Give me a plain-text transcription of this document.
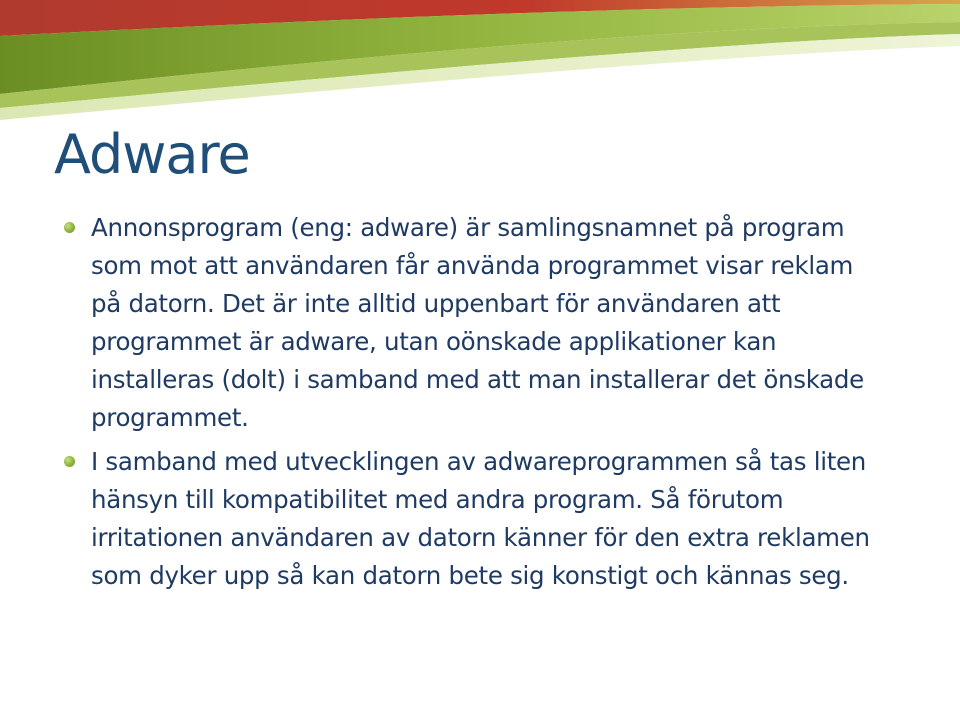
Adware
Annonsprogram (eng: adware) är samlingsnamnet på program som mot att användaren får använda programmet visar reklam på datorn. Det är inte alltid uppenbart för användaren att programmet är adware, utan oönskade applikationer kan installeras (dolt) i samband med att man installerar det önskade programmet.
I samband med utvecklingen av adwareprogrammen så tas liten hänsyn till kompatibilitet med andra program. Så förutom irritationen användaren av datorn känner för den extra reklamen som dyker upp så kan datorn bete sig konstigt och kännas seg.
